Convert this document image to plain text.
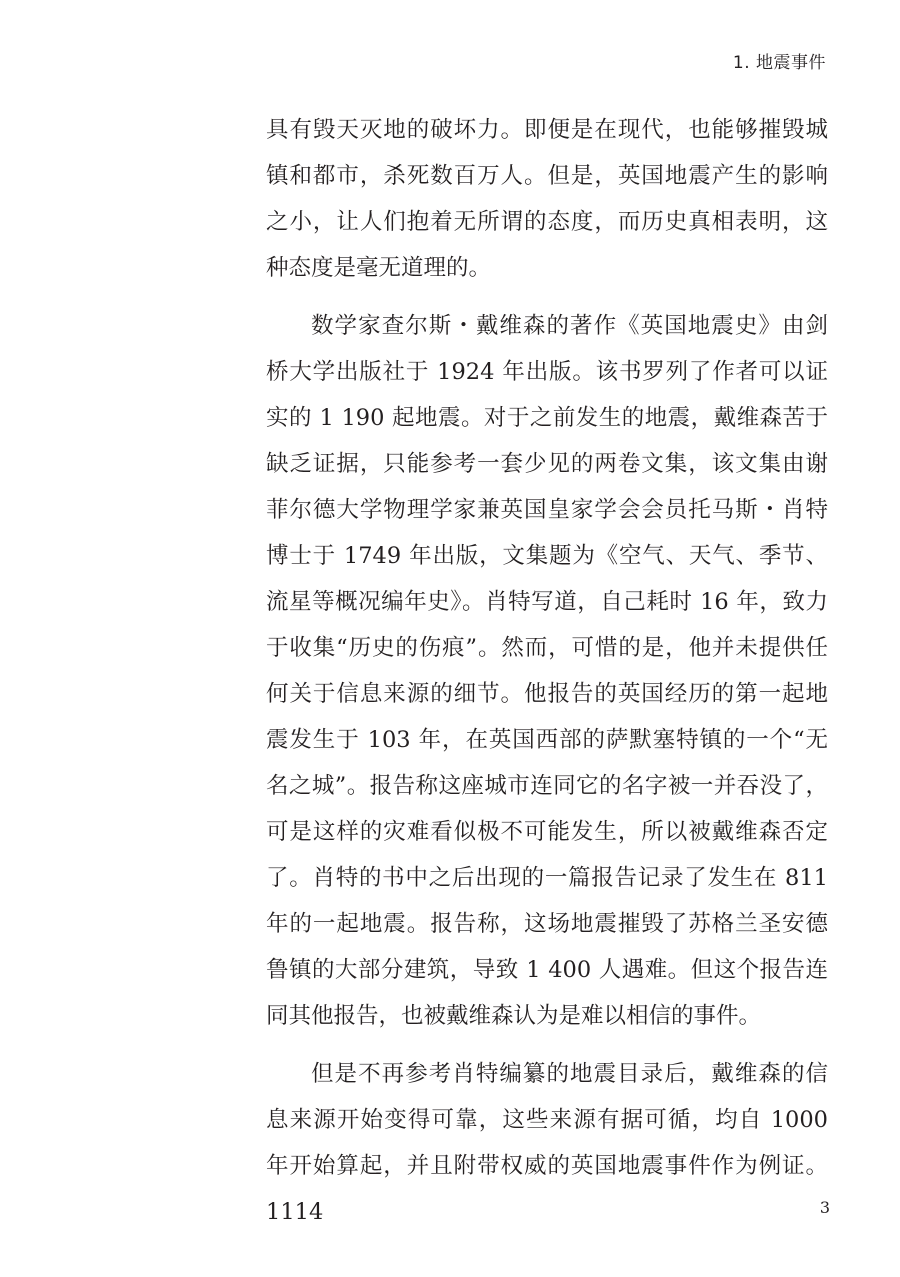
1. 地震事件

具有毁天灭地的破坏力。即便是在现代，也能够摧毁城镇和都市，杀死数百万人。但是，英国地震产生的影响之小，让人们抱着无所谓的态度，而历史真相表明，这种态度是毫无道理的。

数学家查尔斯・戴维森的著作《英国地震史》由剑桥大学出版社于 1924 年出版。该书罗列了作者可以证实的 1 190 起地震。对于之前发生的地震，戴维森苦于缺乏证据，只能参考一套少见的两卷文集，该文集由谢菲尔德大学物理学家兼英国皇家学会会员托马斯・肖特博士于 1749 年出版，文集题为《空气、天气、季节、流星等概况编年史》。肖特写道，自己耗时 16 年，致力于收集“历史的伤痕”。然而，可惜的是，他并未提供任何关于信息来源的细节。他报告的英国经历的第一起地震发生于 103 年，在英国西部的萨默塞特镇的一个“无名之城”。报告称这座城市连同它的名字被一并吞没了，可是这样的灾难看似极不可能发生，所以被戴维森否定了。肖特的书中之后出现的一篇报告记录了发生在 811 年的一起地震。报告称，这场地震摧毁了苏格兰圣安德鲁镇的大部分建筑，导致 1 400 人遇难。但这个报告连同其他报告，也被戴维森认为是难以相信的事件。

但是不再参考肖特编纂的地震目录后，戴维森的信息来源开始变得可靠，这些来源有据可循，均自 1000 年开始算起，并且附带权威的英国地震事件作为例证。1114	3
